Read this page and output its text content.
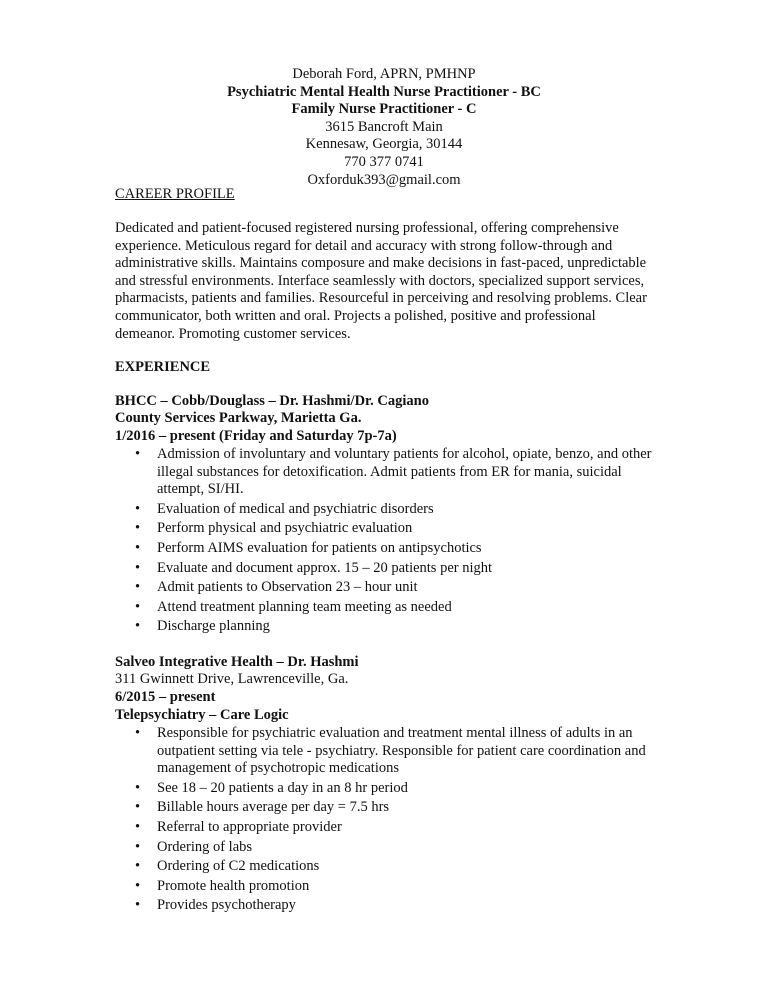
Deborah Ford, APRN, PMHNP
Psychiatric Mental Health Nurse Practitioner - BC
Family Nurse Practitioner - C
3615 Bancroft Main
Kennesaw, Georgia, 30144
770 377 0741
Oxforduk393@gmail.com
CAREER PROFILE
Dedicated and patient-focused registered nursing professional, offering comprehensive experience. Meticulous regard for detail and accuracy with strong follow-through and administrative skills. Maintains composure and make decisions in fast-paced, unpredictable and stressful environments. Interface seamlessly with doctors, specialized support services, pharmacists, patients and families. Resourceful in perceiving and resolving problems. Clear communicator, both written and oral. Projects a polished, positive and professional demeanor. Promoting customer services.
EXPERIENCE
BHCC – Cobb/Douglass – Dr. Hashmi/Dr. Cagiano
County Services Parkway, Marietta Ga.
1/2016 – present (Friday and Saturday 7p-7a)
• Admission of involuntary and voluntary patients for alcohol, opiate, benzo, and other illegal substances for detoxification. Admit patients from ER for mania, suicidal attempt, SI/HI.
• Evaluation of medical and psychiatric disorders
• Perform physical and psychiatric evaluation
• Perform AIMS evaluation for patients on antipsychotics
• Evaluate and document approx. 15 – 20 patients per night
• Admit patients to Observation 23 – hour unit
• Attend treatment planning team meeting as needed
• Discharge planning
Salveo Integrative Health – Dr. Hashmi
311 Gwinnett Drive, Lawrenceville, Ga.
6/2015 – present
Telepsychiatry – Care Logic
• Responsible for psychiatric evaluation and treatment mental illness of adults in an outpatient setting via tele - psychiatry. Responsible for patient care coordination and management of psychotropic medications
• See 18 – 20 patients a day in an 8 hr period
• Billable hours average per day = 7.5 hrs
• Referral to appropriate provider
• Ordering of labs
• Ordering of C2 medications
• Promote health promotion
• Provides psychotherapy
